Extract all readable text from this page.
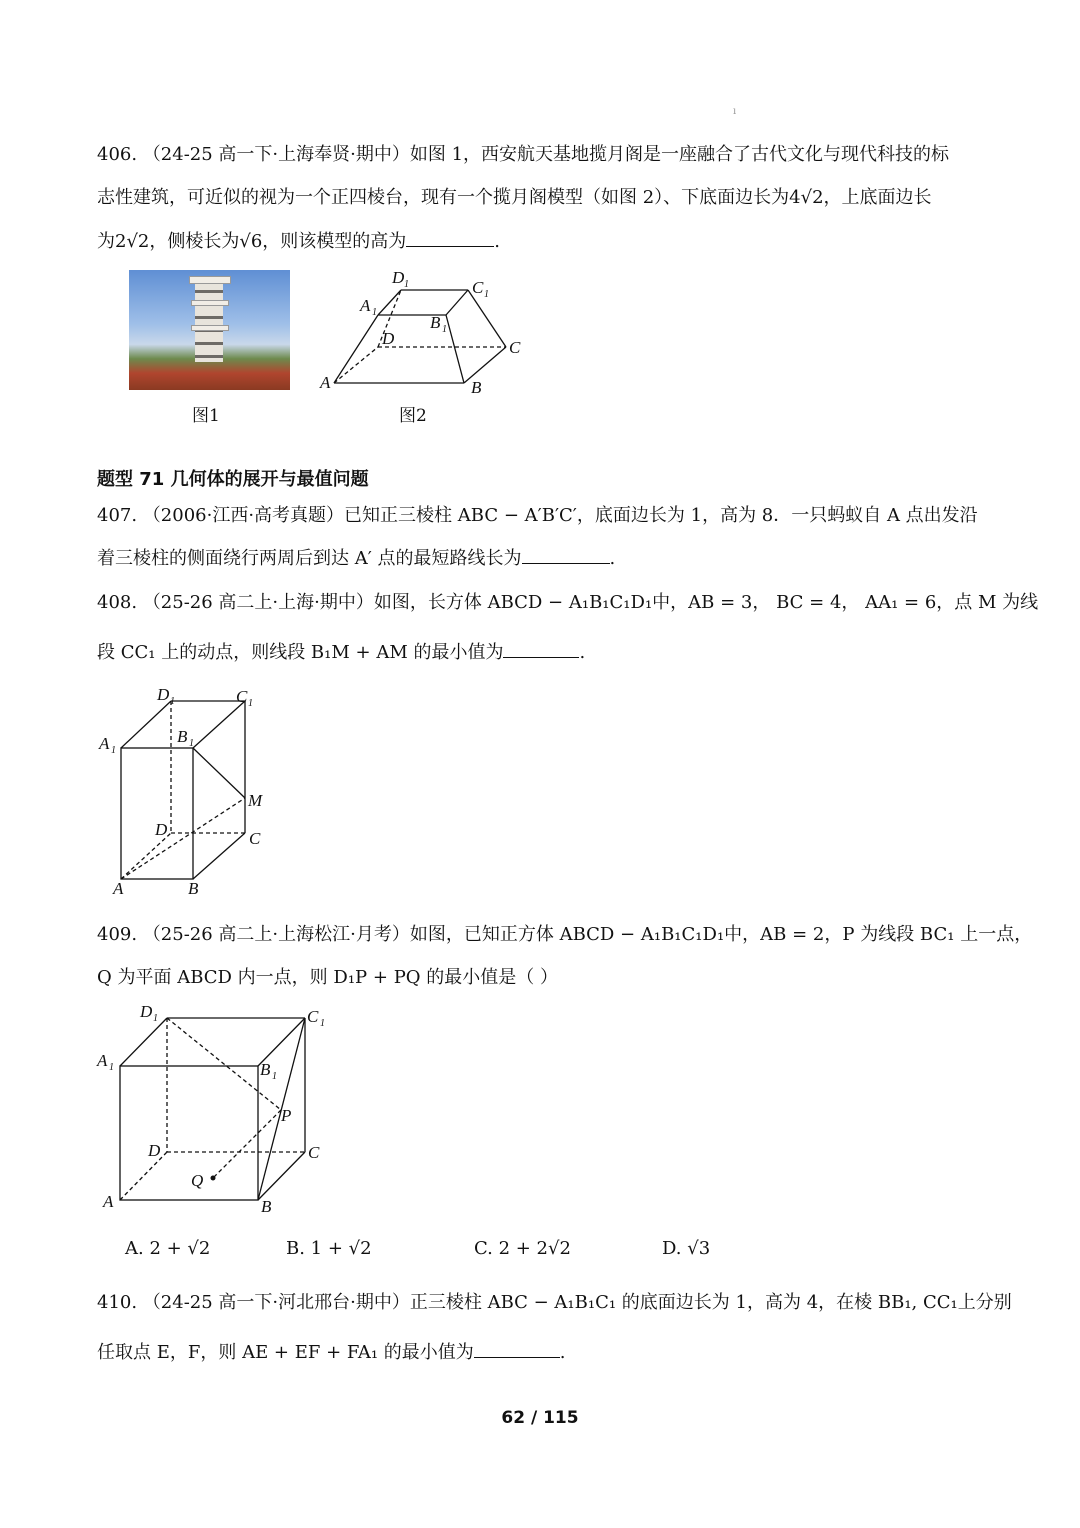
ı
406. （24-25 高一下·上海奉贤·期中）如图 1，西安航天基地揽月阁是一座融合了古代文化与现代科技的标
志性建筑，可近似的视为一个正四棱台，现有一个揽月阁模型（如图 2）、下底面边长为4√2，上底面边长
为2√2，侧棱长为√6，则该模型的高为	.
图1
D 1	C 1
A 1
B 1
D	C
A	B
图2
题型 71 几何体的展开与最值问题
407. （2006·江西·高考真题）已知正三棱柱 ABC − A′B′C′，底面边长为 1，高为 8．一只蚂蚁自 A 点出发沿
着三棱柱的侧面绕行两周后到达 A′ 点的最短路线长为	.
408. （25-26 高二上·上海·期中）如图，长方体 ABCD − A₁B₁C₁D₁中，AB = 3， BC = 4， AA₁ = 6，点 M 为线
段 CC₁ 上的动点，则线段 B₁M + AM 的最小值为	.
D 1	C 1
A 1
B 1
M
D	C
A	B
409. （25-26 高二上·上海松江·月考）如图，已知正方体 ABCD − A₁B₁C₁D₁中，AB = 2，P 为线段 BC₁ 上一点，
Q 为平面 ABCD 内一点，则 D₁P + PQ 的最小值是（ ）
D 1	C 1
A 1	B 1
P
D	C
Q
A	B
A. 2 + √2	B. 1 + √2	C. 2 + 2√2	D. √3
410. （24-25 高一下·河北邢台·期中）正三棱柱 ABC − A₁B₁C₁ 的底面边长为 1，高为 4，在棱 BB₁, CC₁上分别
任取点 E，F，则 AE + EF + FA₁ 的最小值为	.
62 / 115
